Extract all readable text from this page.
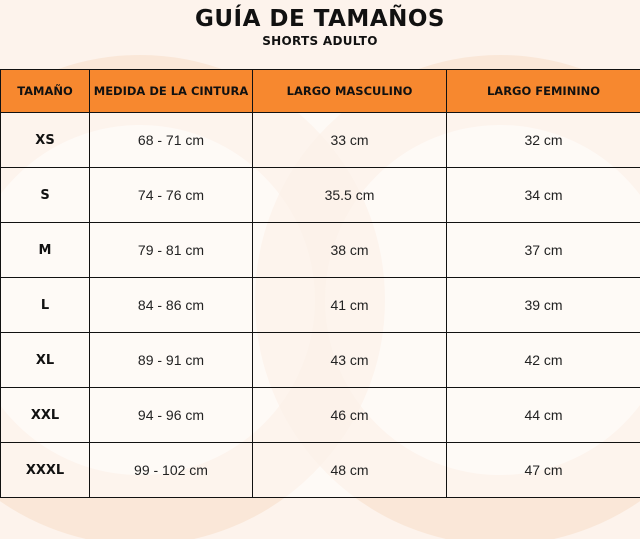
GUÍA DE TAMAÑOS
SHORTS ADULTO
TAMAÑO	MEDIDA DE LA CINTURA	LARGO MASCULINO	LARGO FEMININO
XS	68 - 71 cm	33 cm	32 cm
S	74 - 76 cm	35.5 cm	34 cm
M	79 - 81 cm	38 cm	37 cm
L	84 - 86 cm	41 cm	39 cm
XL	89 - 91 cm	43 cm	42 cm
XXL	94 - 96 cm	46 cm	44 cm
XXXL	99 - 102 cm	48 cm	47 cm
